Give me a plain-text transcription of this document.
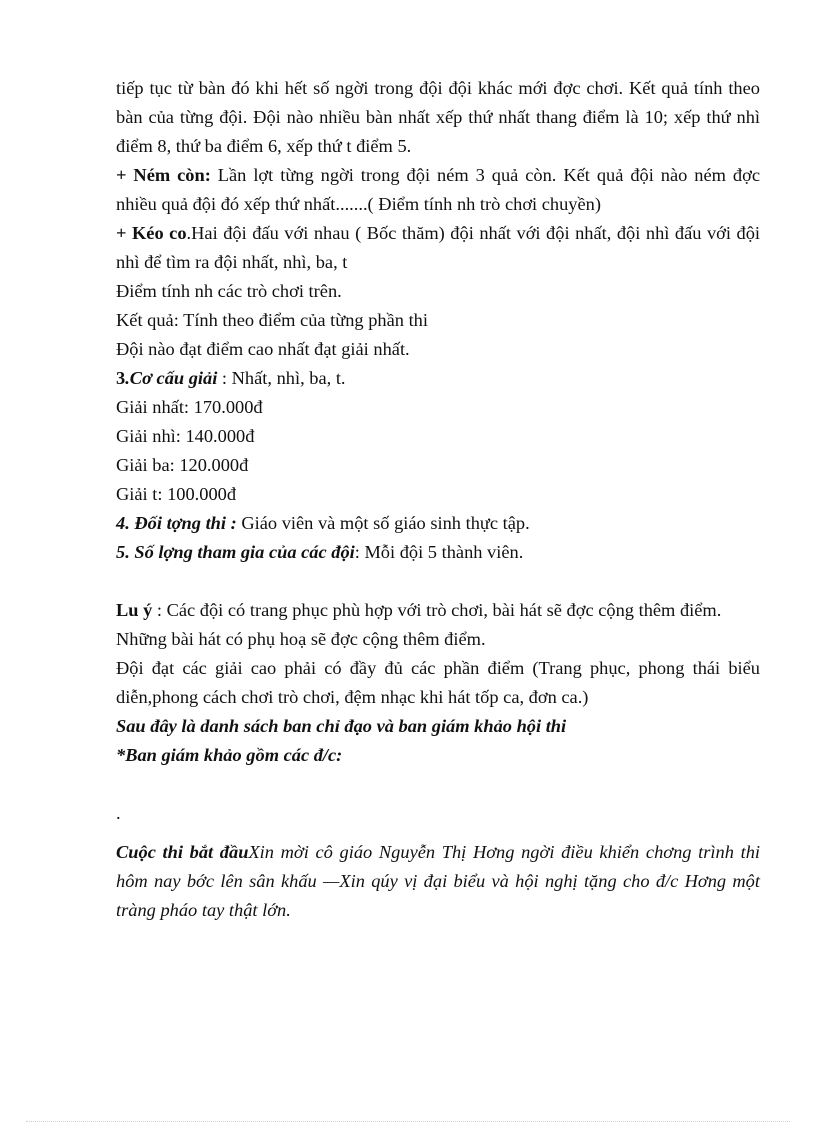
tiếp tục từ bàn đó khi hết số ngời trong đội đội khác mới đợc chơi. Kết quả tính theo bàn của từng đội. Đội nào nhiều bàn nhất xếp thứ nhất thang điểm là 10; xếp thứ nhì điểm 8, thứ ba điểm 6, xếp thứ t điểm 5.

+ Ném còn: Lần lợt từng ngời trong đội ném 3 quả còn. Kết quả đội nào ném đợc nhiều quả đội đó xếp thứ nhất.......( Điểm tính nh trò chơi chuyền)

+ Kéo co.Hai đội đấu với nhau ( Bốc thăm) đội nhất với đội nhất, đội nhì đấu với đội nhì để tìm ra đội nhất, nhì, ba, t

Điểm tính nh các trò chơi trên.

Kết quả: Tính theo điểm của từng phần thi

Đội nào đạt điểm cao nhất đạt giải nhất.

3.Cơ cấu giải : Nhất, nhì, ba, t.

Giải nhất: 170.000đ

Giải nhì: 140.000đ

Giải ba: 120.000đ

Giải t: 100.000đ

4. Đối tợng thi : Giáo viên và một số giáo sinh thực tập.

5. Số lợng tham gia của các đội: Mỗi đội 5 thành viên.

Lu ý : Các đội có trang phục phù hợp với trò chơi, bài hát sẽ đợc cộng thêm điểm.

Những bài hát có phụ hoạ sẽ đợc cộng thêm điểm.

Đội đạt các giải cao phải có đầy đủ các phần điểm (Trang phục, phong thái biểu diễn,phong cách chơi trò chơi, đệm nhạc khi hát tốp ca, đơn ca.)

Sau đây là danh sách ban chỉ đạo và ban giám khảo hội thi

*Ban giám khảo gồm các đ/c:

.

Cuộc thi bắt đầuXin mời cô giáo Nguyễn Thị Hơng ngời điều khiển chơng trình thi hôm nay bớc lên sân khấu —Xin qúy vị đại biểu và hội nghị tặng cho đ/c Hơng một tràng pháo tay thật lớn.
